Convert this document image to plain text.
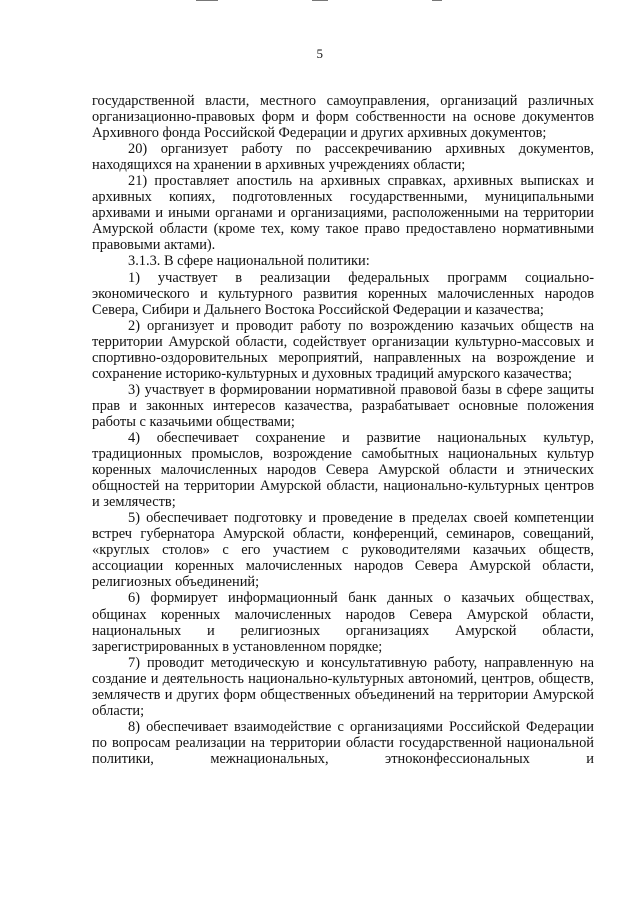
5

государственной власти, местного самоуправления, организаций различных организационно-правовых форм и форм собственности на основе документов Архивного фонда Российской Федерации и других архивных документов;

20) организует работу по рассекречиванию архивных документов, находящихся на хранении в архивных учреждениях области;

21) проставляет апостиль на архивных справках, архивных выписках и архивных копиях, подготовленных государственными, муниципальными архивами и иными органами и организациями, расположенными на территории Амурской области (кроме тех, кому такое право предоставлено нормативными правовыми актами).

3.1.3. В сфере национальной политики:

1) участвует в реализации федеральных программ социально-экономического и культурного развития коренных малочисленных народов Севера, Сибири и Дальнего Востока Российской Федерации и казачества;

2) организует и проводит работу по возрождению казачьих обществ на территории Амурской области, содействует организации культурно-массовых и спортивно-оздоровительных мероприятий, направленных на возрождение и сохранение историко-культурных и духовных традиций амурского казачества;

3) участвует в формировании нормативной правовой базы в сфере защиты прав и законных интересов казачества, разрабатывает основные положения работы с казачьими обществами;

4) обеспечивает сохранение и развитие национальных культур, традиционных промыслов, возрождение самобытных национальных культур коренных малочисленных народов Севера Амурской области и этнических общностей на территории Амурской области, национально-культурных центров и землячеств;

5) обеспечивает подготовку и проведение в пределах своей компетенции встреч губернатора Амурской области, конференций, семинаров, совещаний, «круглых столов» с его участием с руководителями казачьих обществ, ассоциации коренных малочисленных народов Севера Амурской области, религиозных объединений;

6) формирует информационный банк данных о казачьих обществах, общинах коренных малочисленных народов Севера Амурской области, национальных и религиозных организациях Амурской области, зарегистрированных в установленном порядке;

7) проводит методическую и консультативную работу, направленную на создание и деятельность национально-культурных автономий, центров, обществ, землячеств и других форм общественных объединений на территории Амурской области;

8) обеспечивает взаимодействие с организациями Российской Федерации по вопросам реализации на территории области государственной национальной политики, межнациональных, этноконфессиональных и
